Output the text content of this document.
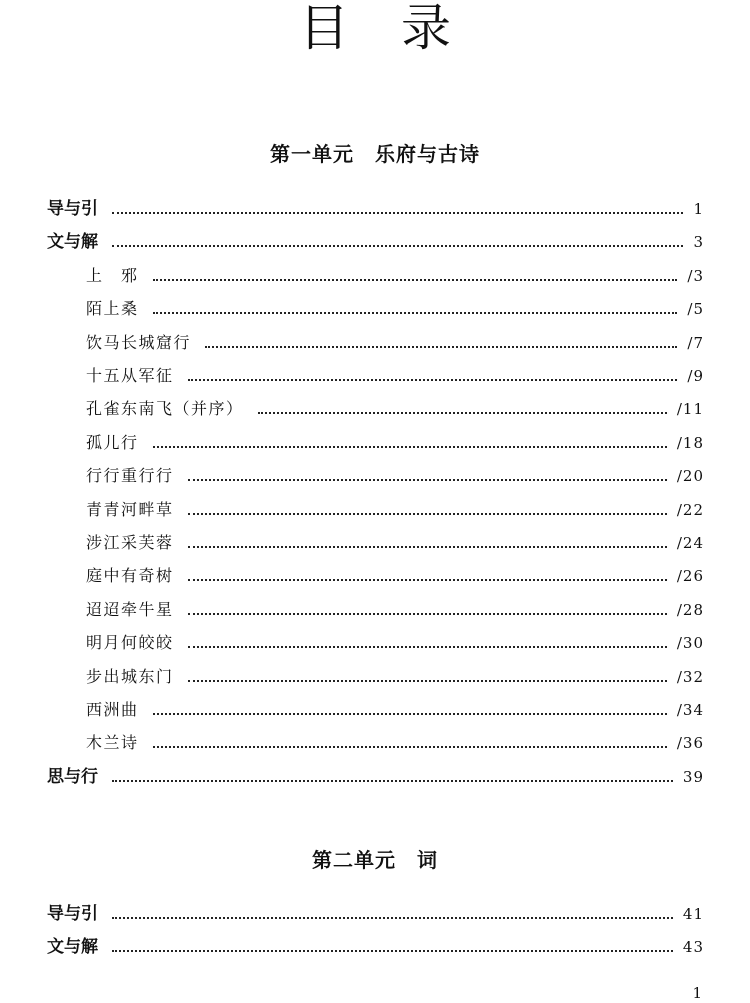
目录
第一单元　乐府与古诗
导与引	1
文与解	3
上　邪	/3
陌上桑	/5
饮马长城窟行	/7
十五从军征	/9
孔雀东南飞（并序）	/11
孤儿行	/18
行行重行行	/20
青青河畔草	/22
涉江采芙蓉	/24
庭中有奇树	/26
迢迢牵牛星	/28
明月何皎皎	/30
步出城东门	/32
西洲曲	/34
木兰诗	/36
思与行	39
第二单元　词
导与引	41
文与解	43
1
